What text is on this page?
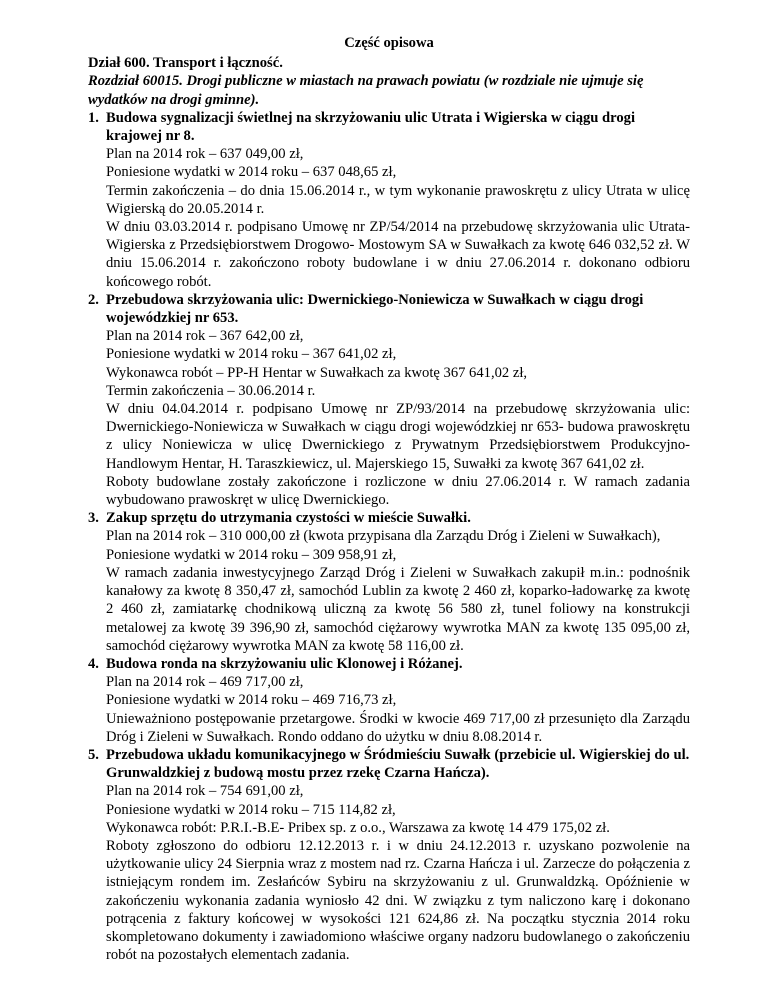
Część opisowa
Dział 600. Transport i łączność.
Rozdział 60015. Drogi publiczne w miastach na prawach powiatu (w rozdziale nie ujmuje się wydatków na drogi gminne).
1. Budowa sygnalizacji świetlnej na skrzyżowaniu ulic Utrata i Wigierska w ciągu drogi krajowej nr 8.
Plan na 2014 rok – 637 049,00 zł,
Poniesione wydatki w 2014 roku – 637 048,65 zł,
Termin zakończenia – do dnia 15.06.2014 r., w tym wykonanie prawoskrętu z ulicy Utrata w ulicę Wigierską do 20.05.2014 r.
W dniu 03.03.2014 r. podpisano Umowę nr ZP/54/2014 na przebudowę skrzyżowania ulic Utrata- Wigierska z Przedsiębiorstwem Drogowo- Mostowym SA w Suwałkach za kwotę 646 032,52 zł. W dniu 15.06.2014 r. zakończono roboty budowlane i w dniu 27.06.2014 r. dokonano odbioru końcowego robót.
2. Przebudowa skrzyżowania ulic: Dwernickiego-Noniewicza w Suwałkach w ciągu drogi wojewódzkiej nr 653.
Plan na 2014 rok – 367 642,00 zł,
Poniesione wydatki w 2014 roku – 367 641,02 zł,
Wykonawca robót – PP-H Hentar w Suwałkach za kwotę 367 641,02 zł,
Termin zakończenia – 30.06.2014 r.
W dniu 04.04.2014 r. podpisano Umowę nr ZP/93/2014 na przebudowę skrzyżowania ulic: Dwernickiego-Noniewicza w Suwałkach w ciągu drogi wojewódzkiej nr 653- budowa prawoskrętu z ulicy Noniewicza w ulicę Dwernickiego z Prywatnym Przedsiębiorstwem Produkcyjno-Handlowym Hentar, H. Taraszkiewicz, ul. Majerskiego 15, Suwałki za kwotę 367 641,02 zł.
Roboty budowlane zostały zakończone i rozliczone w dniu 27.06.2014 r. W ramach zadania wybudowano prawoskręt w ulicę Dwernickiego.
3. Zakup sprzętu do utrzymania czystości w mieście Suwałki.
Plan na 2014 rok – 310 000,00 zł (kwota przypisana dla Zarządu Dróg i Zieleni w Suwałkach),
Poniesione wydatki w 2014 roku – 309 958,91 zł,
W ramach zadania inwestycyjnego Zarząd Dróg i Zieleni w Suwałkach zakupił m.in.: podnośnik kanałowy za kwotę 8 350,47 zł, samochód Lublin za kwotę 2 460 zł, koparko-ładowarkę za kwotę 2 460 zł, zamiatarkę chodnikową uliczną za kwotę 56 580 zł, tunel foliowy na konstrukcji metalowej za kwotę 39 396,90 zł, samochód ciężarowy wywrotka MAN za kwotę 135 095,00 zł, samochód ciężarowy wywrotka MAN za kwotę 58 116,00 zł.
4. Budowa ronda na skrzyżowaniu ulic Klonowej i Różanej.
Plan na 2014 rok – 469 717,00 zł,
Poniesione wydatki w 2014 roku – 469 716,73 zł,
Unieważniono postępowanie przetargowe. Środki w kwocie 469 717,00 zł przesunięto dla Zarządu Dróg i Zieleni w Suwałkach. Rondo oddano do użytku w dniu 8.08.2014 r.
5. Przebudowa układu komunikacyjnego w Śródmieściu Suwałk (przebicie ul. Wigierskiej do ul. Grunwaldzkiej z budową mostu przez rzekę Czarna Hańcza).
Plan na 2014 rok – 754 691,00 zł,
Poniesione wydatki w 2014 roku – 715 114,82 zł,
Wykonawca robót: P.R.I.-B.E- Pribex sp. z o.o., Warszawa za kwotę 14 479 175,02 zł.
Roboty zgłoszono do odbioru 12.12.2013 r. i w dniu 24.12.2013 r. uzyskano pozwolenie na użytkowanie ulicy 24 Sierpnia wraz z mostem nad rz. Czarna Hańcza i ul. Zarzecze do połączenia z istniejącym rondem im. Zesłańców Sybiru na skrzyżowaniu z ul. Grunwaldzką. Opóźnienie w zakończeniu wykonania zadania wyniosło 42 dni. W związku z tym naliczono karę i dokonano potrącenia z faktury końcowej w wysokości 121 624,86 zł. Na początku stycznia 2014 roku skompletowano dokumenty i zawiadomiono właściwe organy nadzoru budowlanego o zakończeniu robót na pozostałych elementach zadania.
